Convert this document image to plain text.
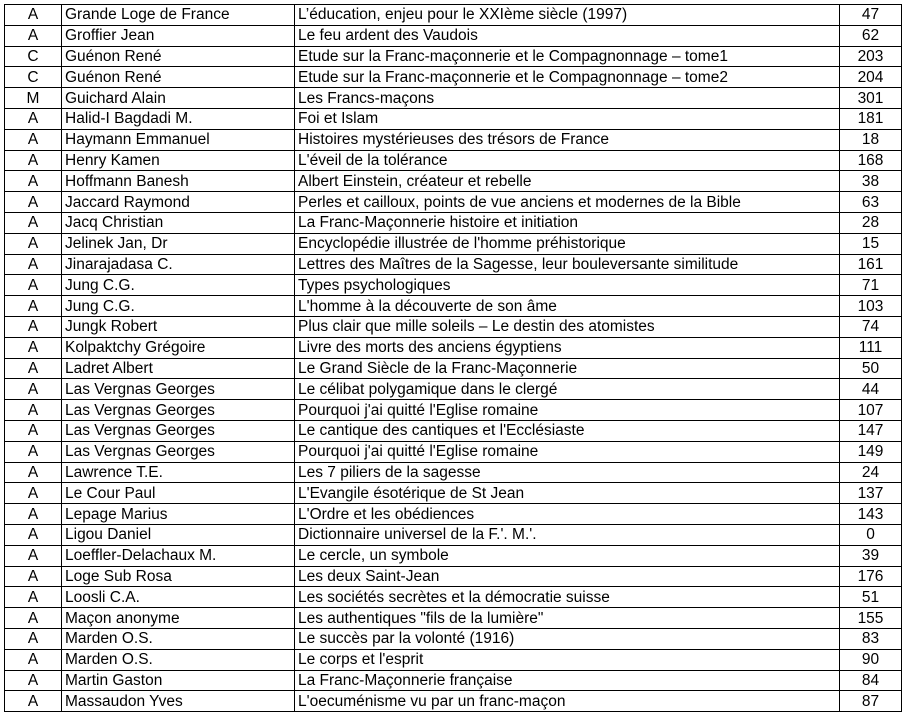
A	Grande Loge de France	L’éducation, enjeu pour le XXIème siècle (1997)	47
A	Groffier Jean	Le feu ardent des Vaudois	62
C	Guénon René	Etude sur la Franc-maçonnerie et le Compagnonnage – tome1	203
C	Guénon René	Etude sur la Franc-maçonnerie et le Compagnonnage – tome2	204
M	Guichard Alain	Les Francs-maçons	301
A	Halid-I Bagdadi M.	Foi et Islam	181
A	Haymann Emmanuel	Histoires mystérieuses des trésors de France	18
A	Henry Kamen	L'éveil de la tolérance	168
A	Hoffmann Banesh	Albert Einstein, créateur et rebelle	38
A	Jaccard Raymond	Perles et cailloux, points de vue anciens et modernes de la Bible	63
A	Jacq Christian	La Franc-Maçonnerie histoire et initiation	28
A	Jelinek Jan, Dr	Encyclopédie illustrée de l'homme préhistorique	15
A	Jinarajadasa C.	Lettres des Maîtres de la Sagesse, leur bouleversante similitude	161
A	Jung C.G.	Types psychologiques	71
A	Jung C.G.	L'homme à la découverte de son âme	103
A	Jungk Robert	Plus clair que mille soleils – Le destin des atomistes	74
A	Kolpaktchy Grégoire	Livre des morts des anciens égyptiens	111
A	Ladret Albert	Le Grand Siècle de la Franc-Maçonnerie	50
A	Las Vergnas Georges	Le célibat polygamique dans le clergé	44
A	Las Vergnas Georges	Pourquoi j'ai quitté l'Eglise romaine	107
A	Las Vergnas Georges	Le cantique des cantiques et l'Ecclésiaste	147
A	Las Vergnas Georges	Pourquoi j'ai quitté l'Eglise romaine	149
A	Lawrence T.E.	Les 7 piliers de la sagesse	24
A	Le Cour Paul	L'Evangile ésotérique de St Jean	137
A	Lepage Marius	L'Ordre et les obédiences	143
A	Ligou Daniel	Dictionnaire universel de la F.'. M.'.	0
A	Loeffler-Delachaux M.	Le cercle, un symbole	39
A	Loge Sub Rosa	Les deux Saint-Jean	176
A	Loosli C.A.	Les sociétés secrètes et la démocratie suisse	51
A	Maçon anonyme	Les authentiques "fils de la lumière"	155
A	Marden O.S.	Le succès par la volonté (1916)	83
A	Marden O.S.	Le corps et l'esprit	90
A	Martin Gaston	La Franc-Maçonnerie française	84
A	Massaudon Yves	L'oecuménisme vu par un franc-maçon	87
